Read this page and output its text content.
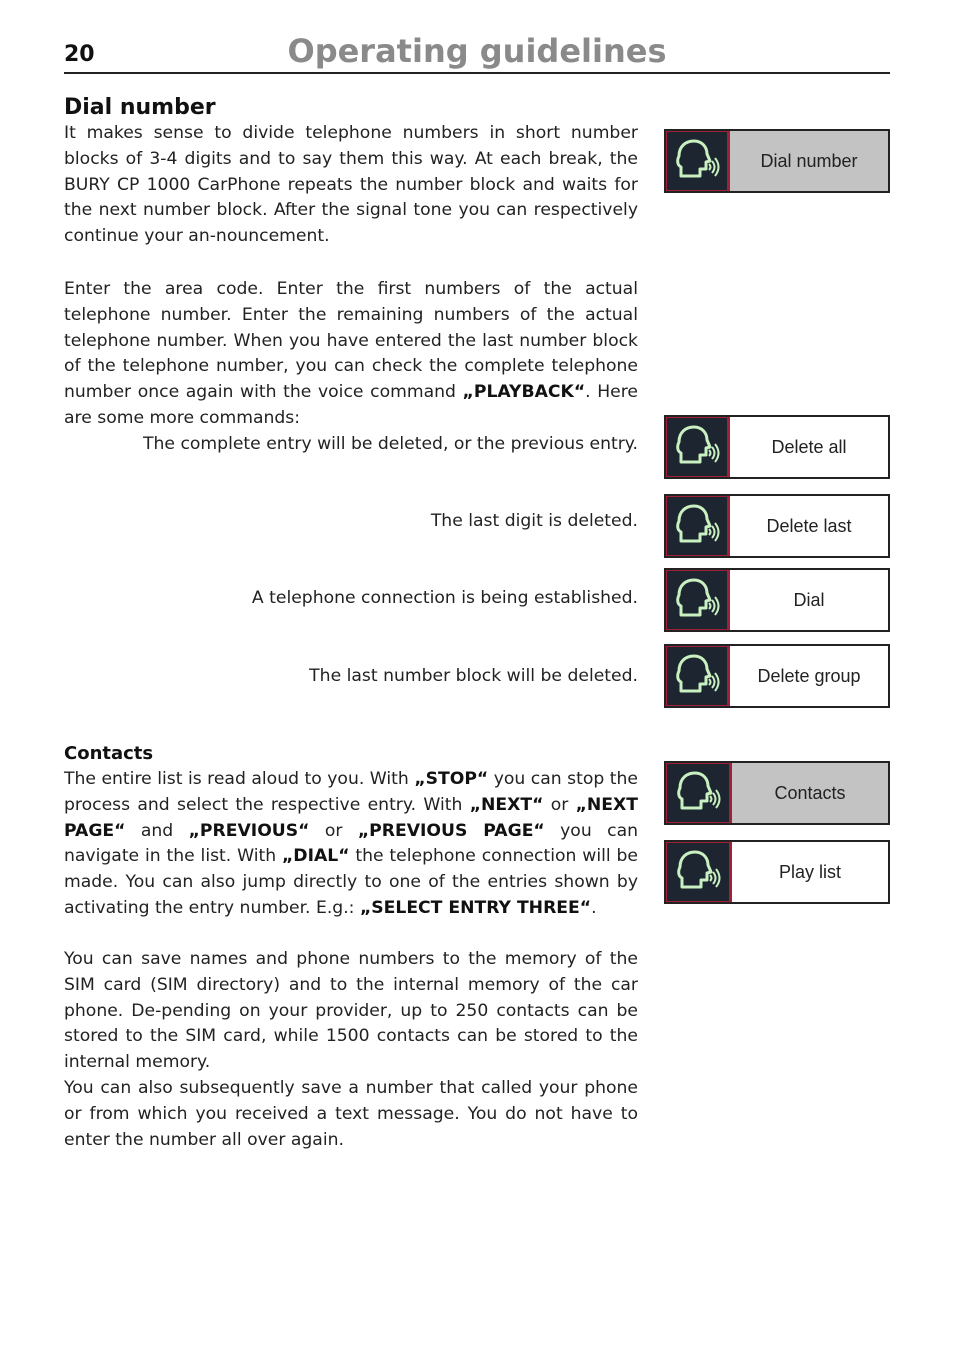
20	Operating guidelines
Dial number
It makes sense to divide telephone numbers in short number blocks of 3-4 digits and to say them this way. At each break, the BURY CP 1000 CarPhone repeats the number block and waits for the next number block. After the signal tone you can respectively continue your an-nouncement.
Enter the area code. Enter the first numbers of the actual telephone number. Enter the remaining numbers of the actual telephone number. When you have entered the last number block of the telephone number, you can check the complete telephone number once again with the voice command „PLAYBACK“. Here are some more commands:
Dial number
The complete entry will be deleted, or the previous entry.	Delete all
The last digit is deleted.	Delete last
A telephone connection is being established.	Dial
The last number block will be deleted.	Delete group
Contacts
The entire list is read aloud to you. With „STOP“ you can stop the process and select the respective entry. With „NEXT“ or „NEXT PAGE“ and „PREVIOUS“ or „PREVIOUS PAGE“ you can navigate in the list. With „DIAL“ the telephone connection will be made. You can also jump directly to one of the entries shown by activating the entry number. E.g.: „SELECT ENTRY THREE“.
You can save names and phone numbers to the memory of the SIM card (SIM directory) and to the internal memory of the car phone. De-pending on your provider, up to 250 contacts can be stored to the SIM card, while 1500 contacts can be stored to the internal memory.
You can also subsequently save a number that called your phone or from which you received a text message. You do not have to enter the number all over again.
Contacts
Play list
